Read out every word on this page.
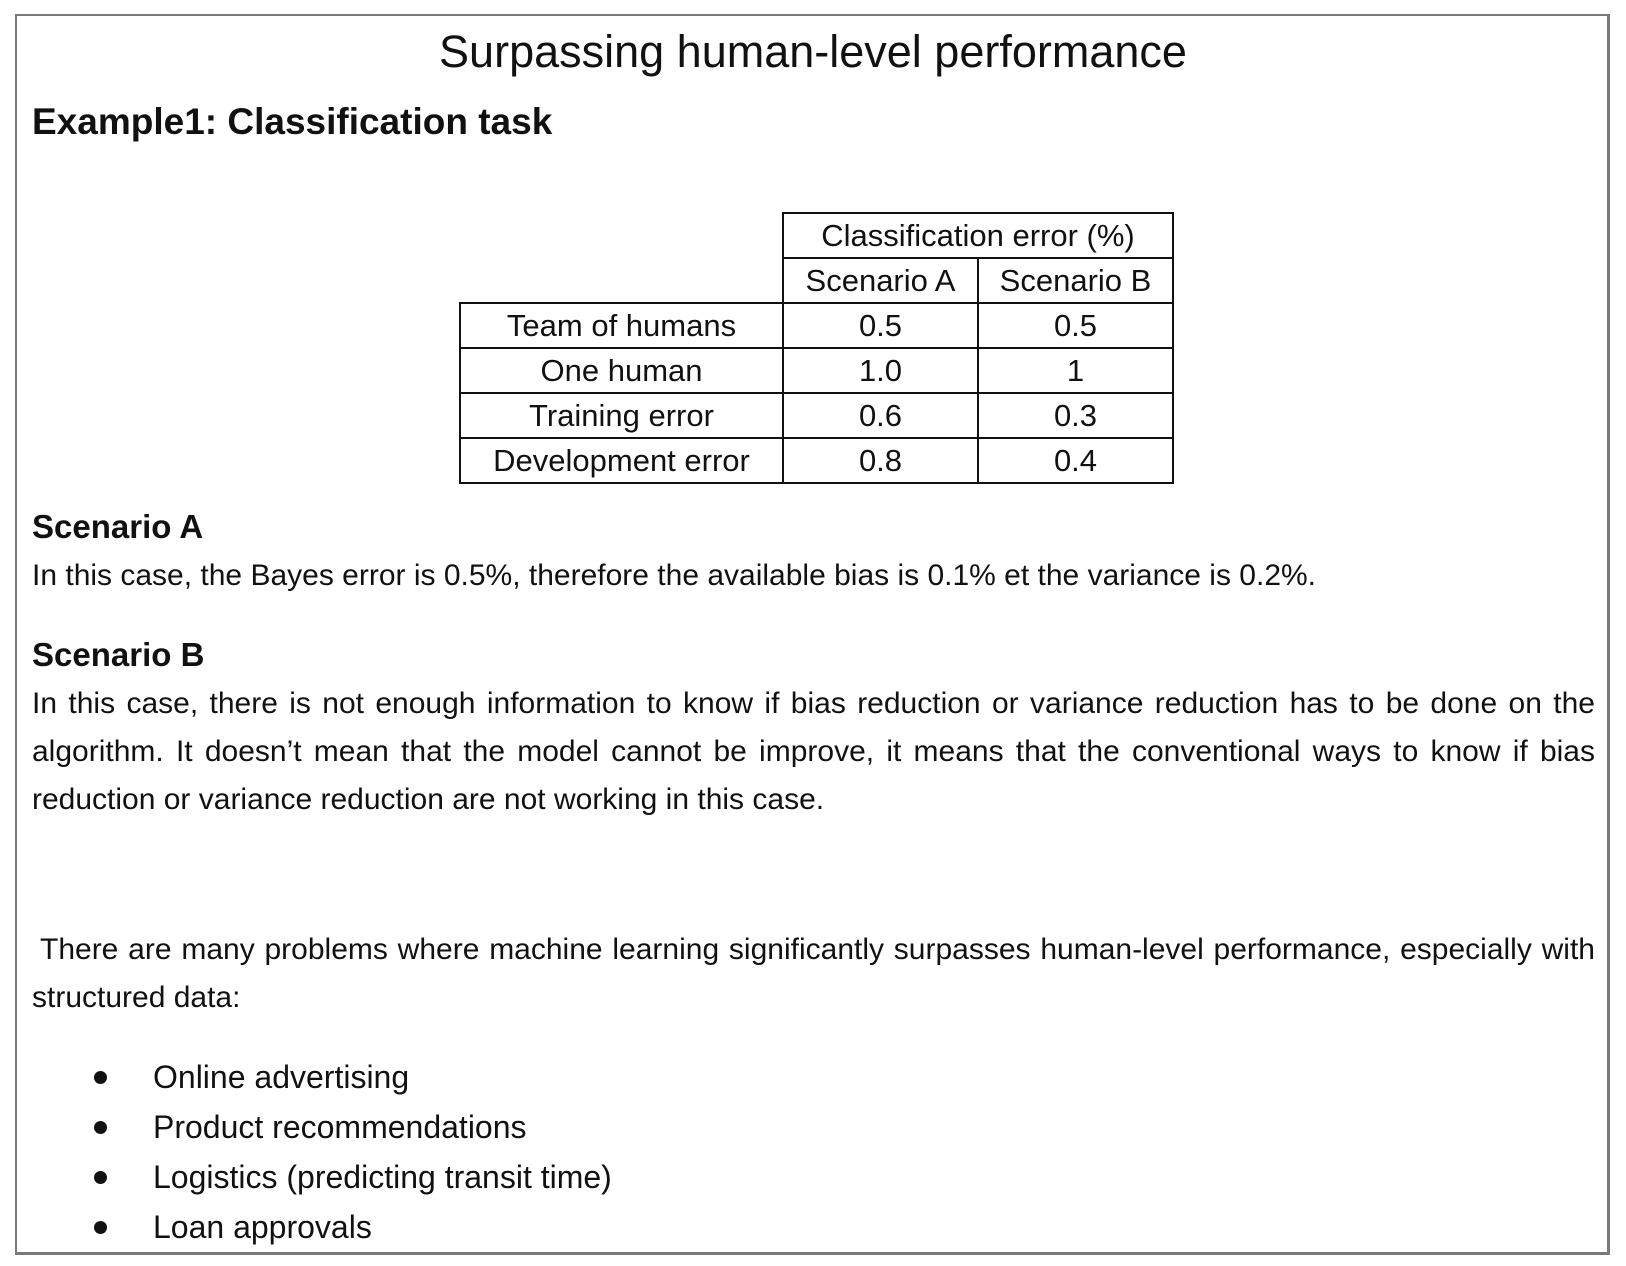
Surpassing human-level performance
Example1: Classification task
	Classification error (%)	
	Scenario A	Scenario B
Team of humans	0.5	0.5
One human	1.0	1
Training error	0.6	0.3
Development error	0.8	0.4
Scenario A

In this case, the Bayes error is 0.5%, therefore the available bias is 0.1% et the variance is 0.2%.

Scenario B

In this case, there is not enough information to know if bias reduction or variance reduction has to be done on the algorithm. It doesn’t mean that the model cannot be improve, it means that the conventional ways to know if bias reduction or variance reduction are not working in this case.

There are many problems where machine learning significantly surpasses human-level performance, especially with structured data:

Online advertising
Product recommendations
Logistics (predicting transit time)
Loan approvals
